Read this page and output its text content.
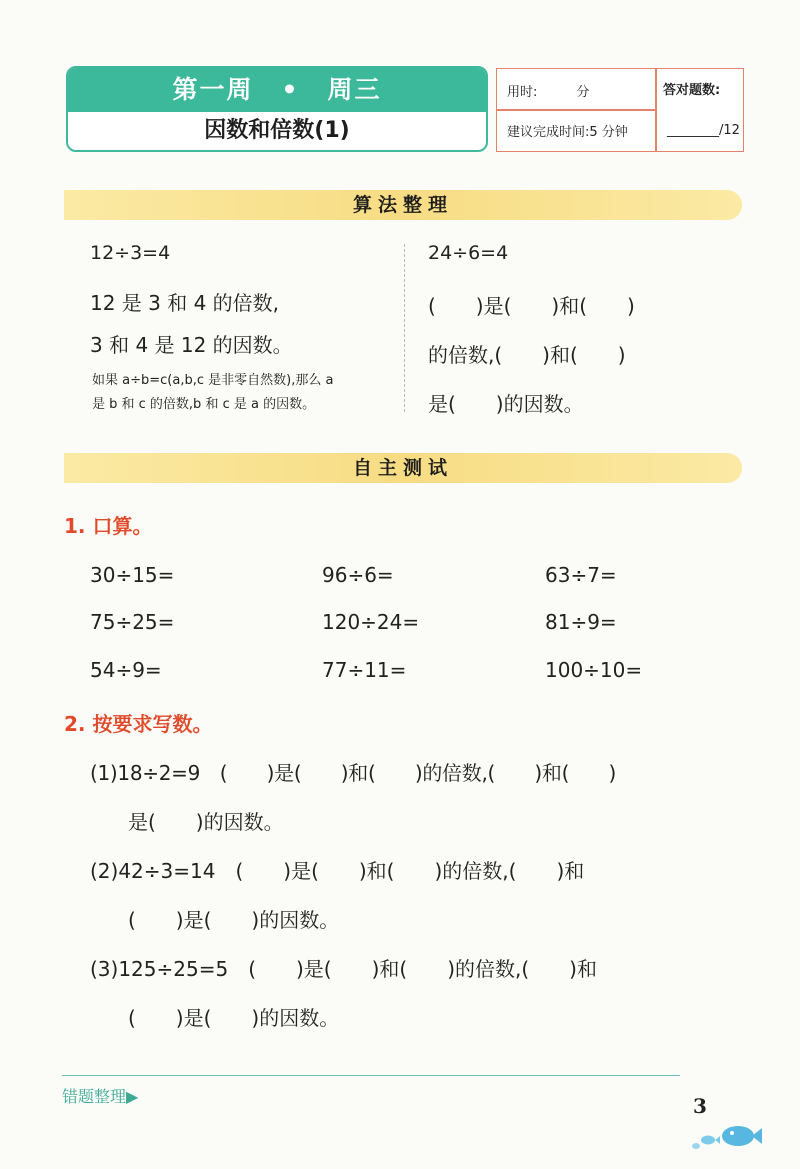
第一周 • 周三
因数和倍数(1)
用时:　　　分
建议完成时间:5 分钟
答对题数:
________/12
算法整理
12÷3=4
12 是 3 和 4 的倍数,
3 和 4 是 12 的因数。
如果 a÷b=c(a,b,c 是非零自然数),那么 a
是 b 和 c 的倍数,b 和 c 是 a 的因数。
24÷6=4
(　　)是(　　)和(　　)
的倍数,(　　)和(　　)
是(　　)的因数。
自主测试
1. 口算。
30÷15=	96÷6=	63÷7=
75÷25=	120÷24=	81÷9=
54÷9=	77÷11=	100÷10=
2. 按要求写数。
(1)18÷2=9　(　　)是(　　)和(　　)的倍数,(　　)和(　　)
是(　　)的因数。
(2)42÷3=14　(　　)是(　　)和(　　)的倍数,(　　)和
(　　)是(　　)的因数。
(3)125÷25=5　(　　)是(　　)和(　　)的倍数,(　　)和
(　　)是(　　)的因数。
错题整理▶	3
